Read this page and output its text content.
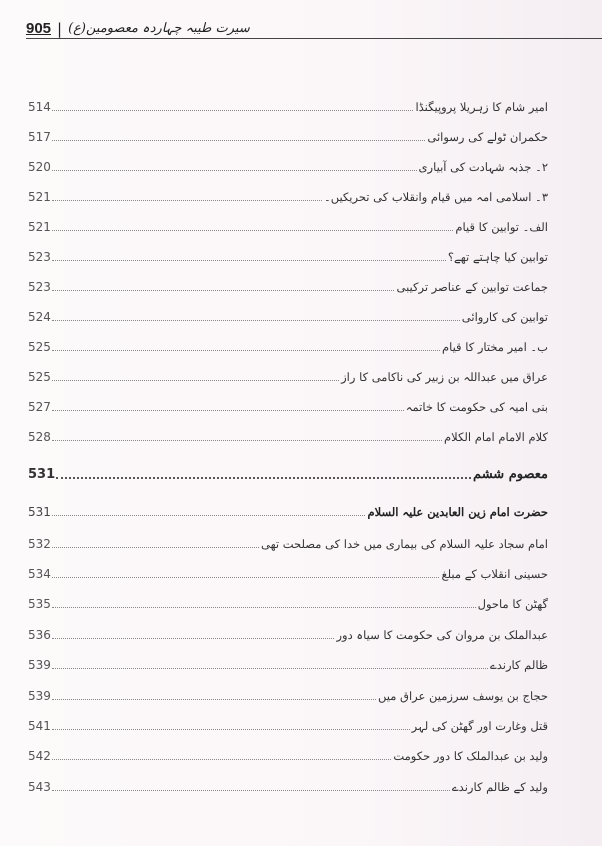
905 | سیرت طیبہ چہاردہ معصومین(ع)
514	امیر شام کا زہریلا پروپیگنڈا
517	حکمران ٹولے کی رسوائی
520	۲۔ جذبہ شہادت کی آبیاری
521	۳۔ اسلامی امہ میں قیام وانقلاب کی تحریکیں۔
521	الف۔ توابین کا قیام
523	توابین کیا چاہتے تھے؟
523	جماعت توابین کے عناصر ترکیبی
524	توابین کی کاروائی
525	ب۔ امیر مختار کا قیام
525	عراق میں عبداللہ بن زبیر کی ناکامی کا راز
527	بنی امیہ کی حکومت کا خاتمہ
528	کلام الامام امام الکلام
531	معصوم ششم
531	حضرت امام زین العابدین علیہ السلام
532	امام سجاد علیہ السلام کی بیماری میں خدا کی مصلحت تھی
534	حسینی انقلاب کے مبلغ
535	گھٹن کا ماحول
536	عبدالملک بن مروان کی حکومت کا سیاہ دور
539	ظالم کارندے
539	حجاج بن یوسف سرزمین عراق میں
541	قتل وغارت اور گھٹن کی لہر
542	ولید بن عبدالملک کا دور حکومت
543	ولید کے ظالم کارندے
